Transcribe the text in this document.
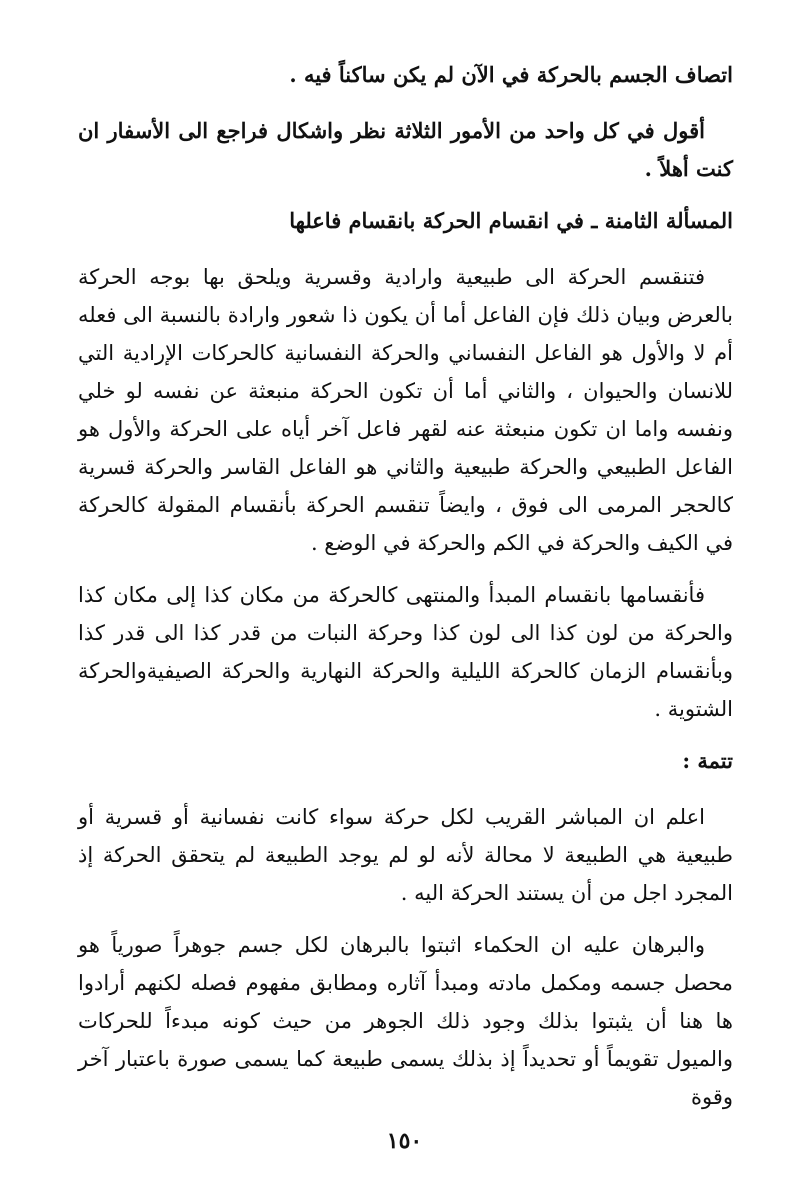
اتصاف الجسم بالحركة في الآن لم يكن ساكناً فيه .

أقول في كل واحد من الأمور الثلاثة نظر واشكال فراجع الى الأسفار ان كنت أهلاً .

المسألة الثامنة ـ في انقسام الحركة بانقسام فاعلها

فتنقسم الحركة الى طبيعية وارادية وقسرية ويلحق بها بوجه الحركة بالعرض وبيان ذلك فإن الفاعل أما أن يكون ذا شعور وارادة بالنسبة الى فعله أم لا والأول هو الفاعل النفساني والحركة النفسانية كالحركات الإرادية التي للانسان والحيوان ، والثاني أما أن تكون الحركة منبعثة عن نفسه لو خلي ونفسه واما ان تكون منبعثة عنه لقهر فاعل آخر أياه على الحركة والأول هو الفاعل الطبيعي والحركة طبيعية والثاني هو الفاعل القاسر والحركة قسرية كالحجر المرمى الى فوق ، وايضاً تنقسم الحركة بأنقسام المقولة كالحركة في الكيف والحركة في الكم والحركة في الوضع .

فأنقسامها بانقسام المبدأ والمنتهى كالحركة من مكان كذا إلى مكان كذا والحركة من لون كذا الى لون كذا وحركة النبات من قدر كذا الى قدر كذا وبأنقسام الزمان كالحركة الليلية والحركة النهارية والحركة الصيفيةوالحركة الشتوية .

تتمة :

اعلم ان المباشر القريب لكل حركة سواء كانت نفسانية أو قسرية أو طبيعية هي الطبيعة لا محالة لأنه لو لم يوجد الطبيعة لم يتحقق الحركة إذ المجرد اجل من أن يستند الحركة اليه .

والبرهان عليه ان الحكماء اثبتوا بالبرهان لكل جسم جوهراً صورياً هو محصل جسمه ومكمل مادته ومبدأ آثاره ومطابق مفهوم فصله لكنهم أرادوا ها هنا أن يثبتوا بذلك وجود ذلك الجوهر من حيث كونه مبدءاً للحركات والميول تقويماً أو تحديداً إذ بذلك يسمى طبيعة كما يسمى صورة باعتبار آخر وقوة

١٥٠
